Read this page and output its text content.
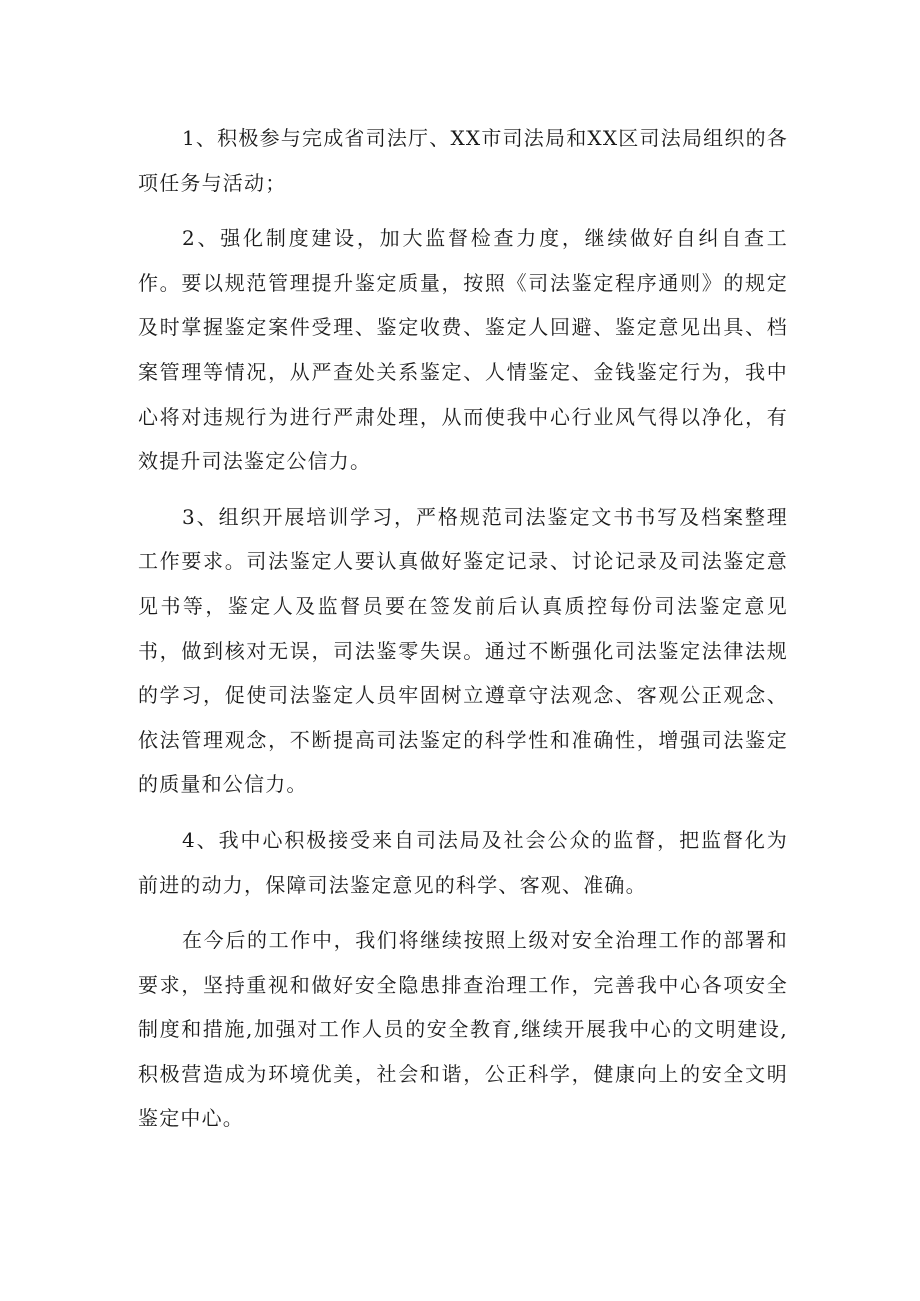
1、积极参与完成省司法厅、XX市司法局和XX区司法局组织的各项任务与活动；

2、强化制度建设，加大监督检查力度，继续做好自纠自查工作。要以规范管理提升鉴定质量，按照《司法鉴定程序通则》的规定及时掌握鉴定案件受理、鉴定收费、鉴定人回避、鉴定意见出具、档案管理等情况，从严查处关系鉴定、人情鉴定、金钱鉴定行为，我中心将对违规行为进行严肃处理，从而使我中心行业风气得以净化，有效提升司法鉴定公信力。

3、组织开展培训学习，严格规范司法鉴定文书书写及档案整理工作要求。司法鉴定人要认真做好鉴定记录、讨论记录及司法鉴定意见书等，鉴定人及监督员要在签发前后认真质控每份司法鉴定意见书，做到核对无误，司法鉴零失误。通过不断强化司法鉴定法律法规的学习，促使司法鉴定人员牢固树立遵章守法观念、客观公正观念、依法管理观念，不断提高司法鉴定的科学性和准确性，增强司法鉴定的质量和公信力。

4、我中心积极接受来自司法局及社会公众的监督，把监督化为前进的动力，保障司法鉴定意见的科学、客观、准确。

在今后的工作中，我们将继续按照上级对安全治理工作的部署和要求，坚持重视和做好安全隐患排查治理工作，完善我中心各项安全制度和措施,加强对工作人员的安全教育,继续开展我中心的文明建设,积极营造成为环境优美，社会和谐，公正科学，健康向上的安全文明鉴定中心。
